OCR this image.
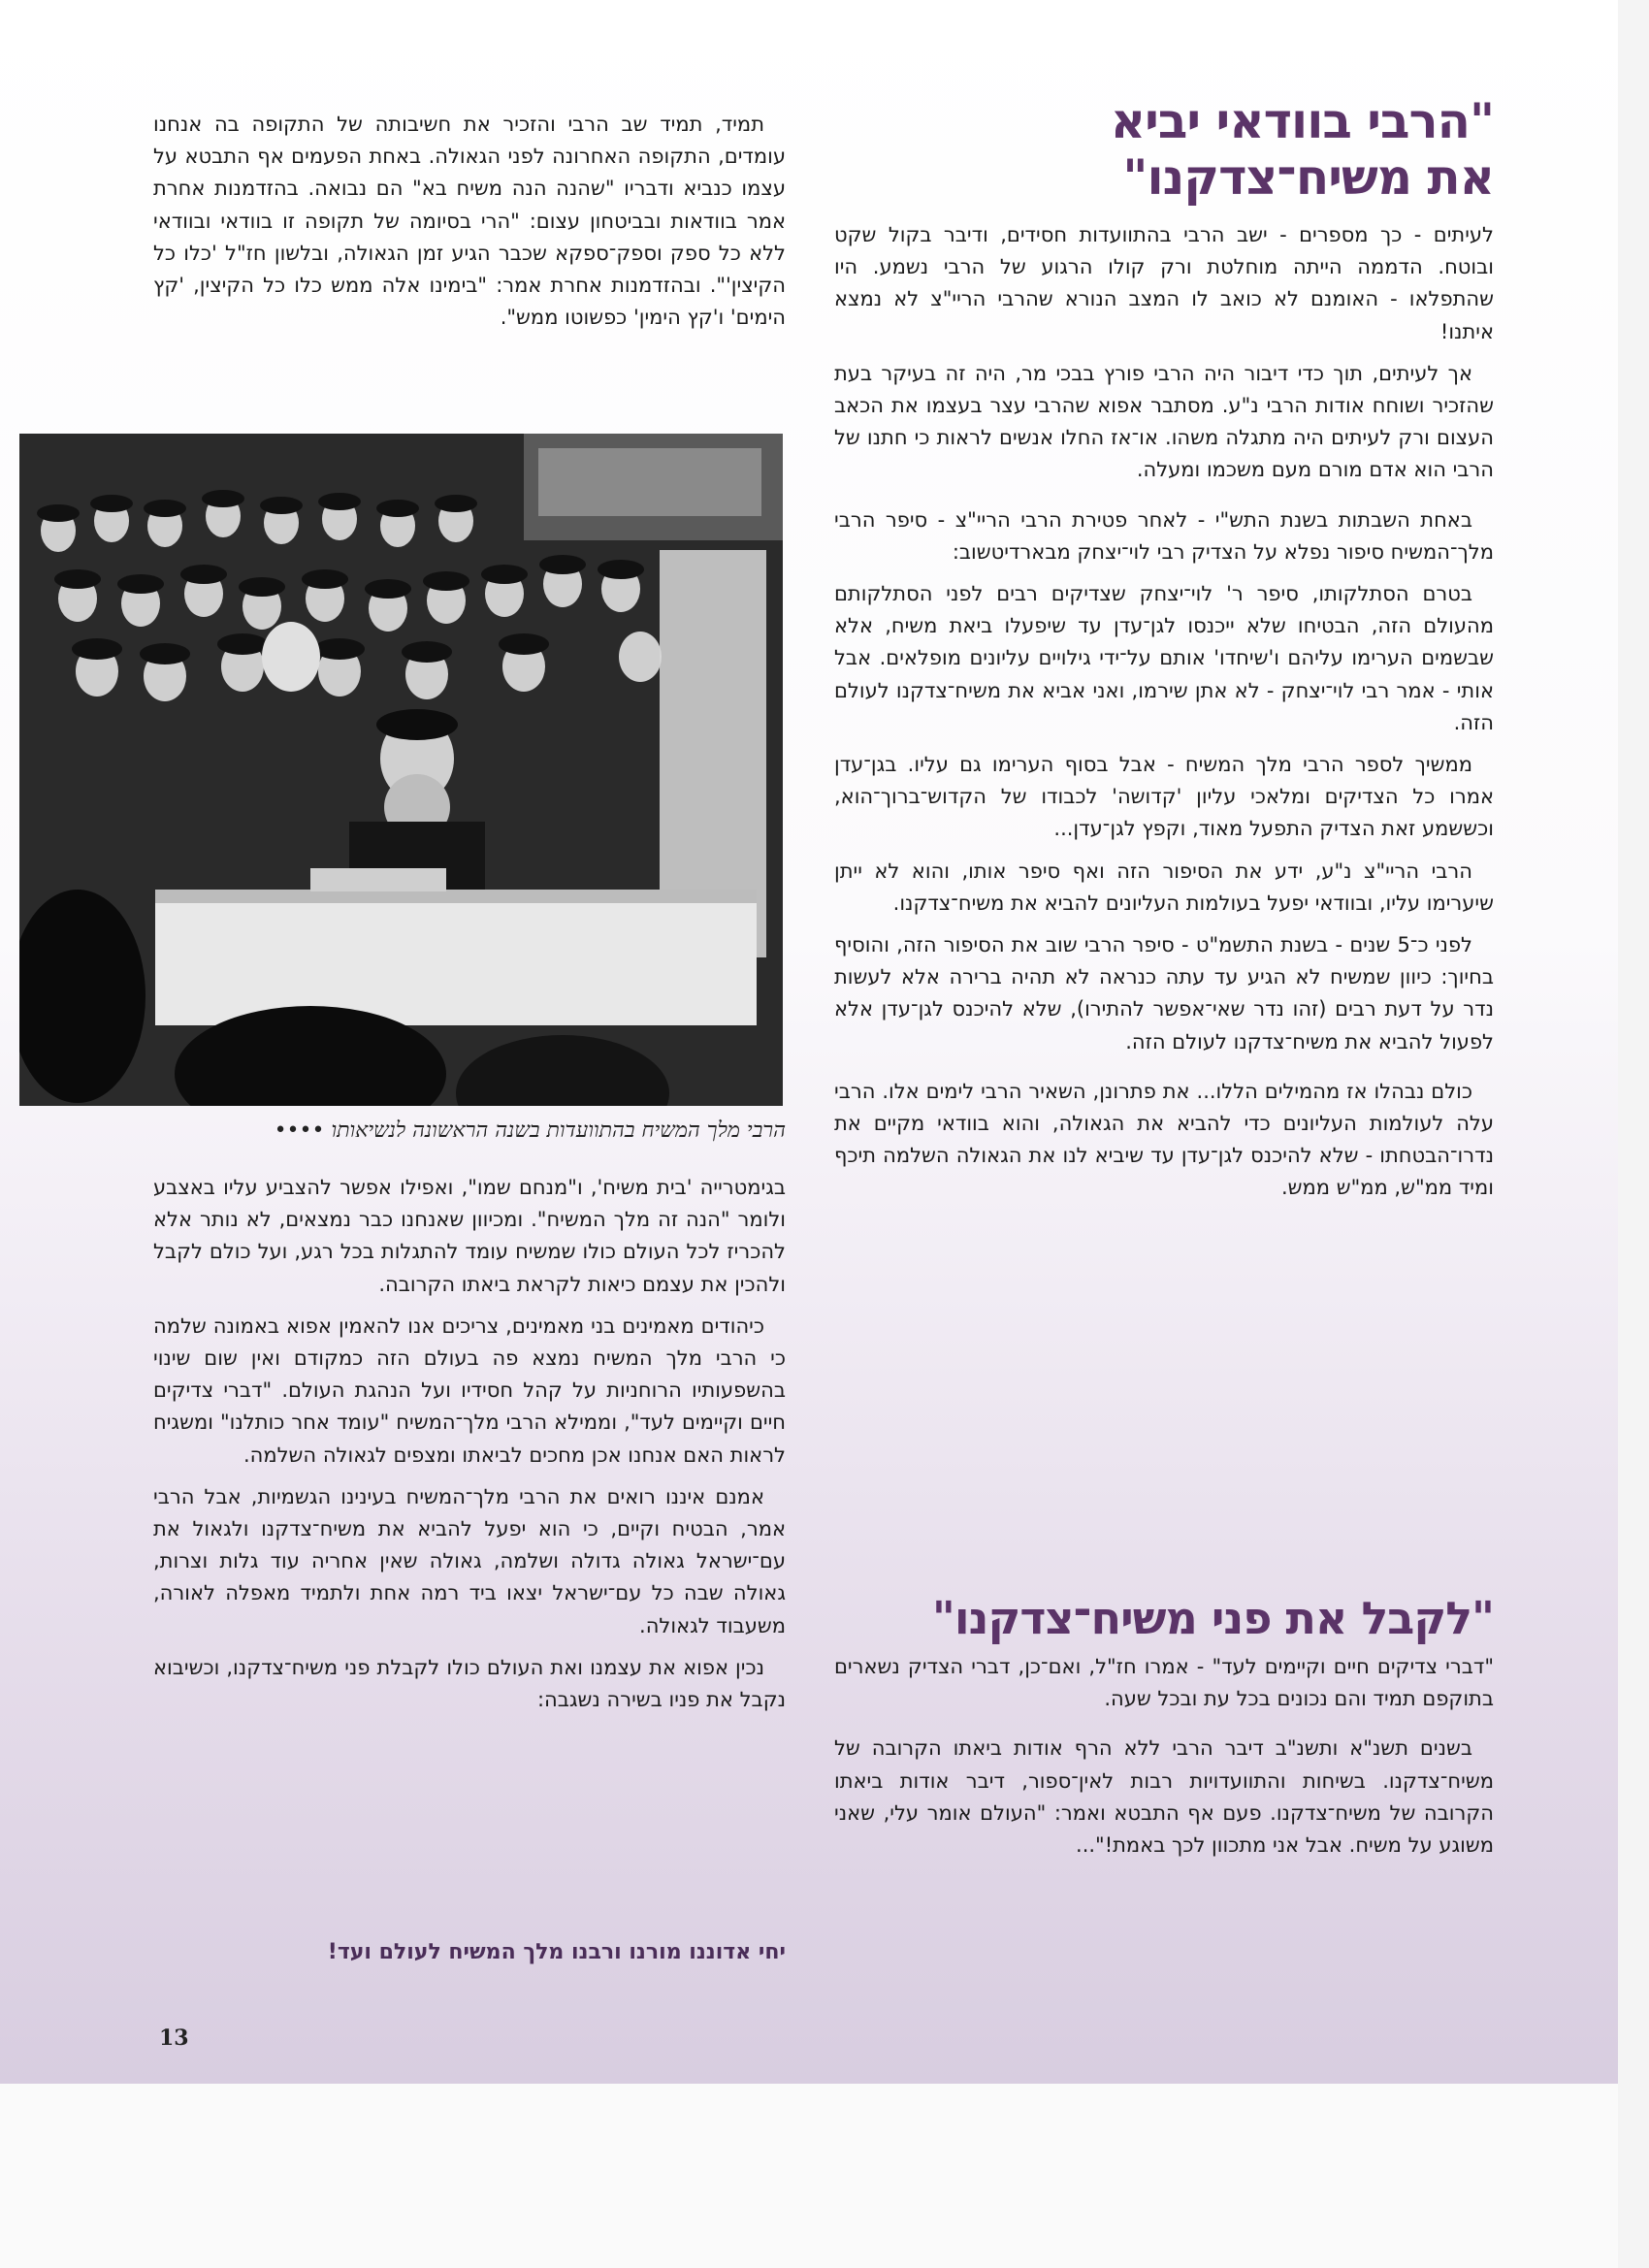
"הרבי בוודאי יביא
את משיח־צדקנו"

לעיתים - כך מספרים - ישב הרבי בהתוועדות חסידים, ודיבר בקול שקט ובוטח. הדממה הייתה מוחלטת ורק קולו הרגוע של הרבי נשמע. היו שהתפלאו - האומנם לא כואב לו המצב הנורא שהרבי הריי"צ לא נמצא איתנו!

אך לעיתים, תוך כדי דיבור היה הרבי פורץ בבכי מר, היה זה בעיקר בעת שהזכיר ושוחח אודות הרבי נ"ע. מסתבר אפוא שהרבי עצר בעצמו את הכאב העצום ורק לעיתים היה מתגלה משהו. או־אז החלו אנשים לראות כי חתנו של הרבי הוא אדם מורם מעם משכמו ומעלה.

באחת השבתות בשנת התש"י - לאחר פטירת הרבי הריי"צ - סיפר הרבי מלך־המשיח סיפור נפלא על הצדיק רבי לוי־יצחק מבארדיטשוב:

בטרם הסתלקותו, סיפר ר' לוי־יצחק שצדיקים רבים לפני הסתלקותם מהעולם הזה, הבטיחו שלא ייכנסו לגן־עדן עד שיפעלו ביאת משיח, אלא שבשמים הערימו עליהם ו'שיחדו' אותם על־ידי גילויים עליונים מופלאים. אבל אותי - אמר רבי לוי־יצחק - לא אתן שירמו, ואני אביא את משיח־צדקנו לעולם הזה.

ממשיך לספר הרבי מלך המשיח - אבל בסוף הערימו גם עליו. בגן־עדן אמרו כל הצדיקים ומלאכי עליון 'קדושה' לכבודו של הקדוש־ברוך־הוא, וכששמע זאת הצדיק התפעל מאוד, וקפץ לגן־עדן...

הרבי הריי"צ נ"ע, ידע את הסיפור הזה ואף סיפר אותו, והוא לא ייתן שיערימו עליו, ובוודאי יפעל בעולמות העליונים להביא את משיח־צדקנו.

לפני כ־5 שנים - בשנת התשמ"ט - סיפר הרבי שוב את הסיפור הזה, והוסיף בחיוך: כיוון שמשיח לא הגיע עד עתה כנראה לא תהיה ברירה אלא לעשות נדר על דעת רבים (זהו נדר שאי־אפשר להתירו), שלא להיכנס לגן־עדן אלא לפעול להביא את משיח־צדקנו לעולם הזה.

כולם נבהלו אז מהמילים הללו... את פתרונן, השאיר הרבי לימים אלו. הרבי עלה לעולמות העליונים כדי להביא את הגאולה, והוא בוודאי מקיים את נדרו־הבטחתו - שלא להיכנס לגן־עדן עד שיביא לנו את הגאולה השלמה תיכף ומיד ממ"ש, ממ"ש ממש.

"לקבל את פני משיח־צדקנו"

"דברי צדיקים חיים וקיימים לעד" - אמרו חז"ל, ואם־כן, דברי הצדיק נשארים בתוקפם תמיד והם נכונים בכל עת ובכל שעה.

בשנים תשנ"א ותשנ"ב דיבר הרבי ללא הרף אודות ביאתו הקרובה של משיח־צדקנו. בשיחות והתוועדויות רבות לאין־ספור, דיבר אודות ביאתו הקרובה של משיח־צדקנו. פעם אף התבטא ואמר: "העולם אומר עלי, שאני משוגע על משיח. אבל אני מתכוון לכך באמת!"...

תמיד, תמיד שב הרבי והזכיר את חשיבותה של התקופה בה אנחנו עומדים, התקופה האחרונה לפני הגאולה. באחת הפעמים אף התבטא על עצמו כנביא ודבריו "שהנה הנה משיח בא" הם נבואה. בהזדמנות אחרת אמר בוודאות ובביטחון עצום: "הרי בסיומה של תקופה זו בוודאי ובוודאי ללא כל ספק וספק־ספקא שכבר הגיע זמן הגאולה, ובלשון חז"ל 'כלו כל הקיצין'". ובהזדמנות אחרת אמר: "בימינו אלה ממש כלו כל הקיצין, 'קץ הימים' ו'קץ הימין' כפשוטו ממש".

הרבי מלך המשיח בהתוועדות בשנה הראשונה לנשיאותו ••••

בגימטרייה 'בית משיח', ו"מנחם שמו", ואפילו אפשר להצביע עליו באצבע ולומר "הנה זה מלך המשיח". ומכיוון שאנחנו כבר נמצאים, לא נותר אלא להכריז לכל העולם כולו שמשיח עומד להתגלות בכל רגע, ועל כולם לקבל ולהכין את עצמם כיאות לקראת ביאתו הקרובה.

כיהודים מאמינים בני מאמינים, צריכים אנו להאמין אפוא באמונה שלמה כי הרבי מלך המשיח נמצא פה בעולם הזה כמקודם ואין שום שינוי בהשפעותיו הרוחניות על קהל חסידיו ועל הנהגת העולם. "דברי צדיקים חיים וקיימים לעד", וממילא הרבי מלך־המשיח "עומד אחר כותלנו" ומשגיח לראות האם אנחנו אכן מחכים לביאתו ומצפים לגאולה השלמה.

אמנם איננו רואים את הרבי מלך־המשיח בעינינו הגשמיות, אבל הרבי אמר, הבטיח וקיים, כי הוא יפעל להביא את משיח־צדקנו ולגאול את עם־ישראל גאולה גדולה ושלמה, גאולה שאין אחריה עוד גלות וצרות, גאולה שבה כל עם־ישראל יצאו ביד רמה אחת ולתמיד מאפלה לאורה, משעבוד לגאולה.

נכין אפוא את עצמנו ואת העולם כולו לקבלת פני משיח־צדקנו, וכשיבוא נקבל את פניו בשירה נשגבה:

יחי אדוננו מורנו ורבנו מלך המשיח לעולם ועד!
13
